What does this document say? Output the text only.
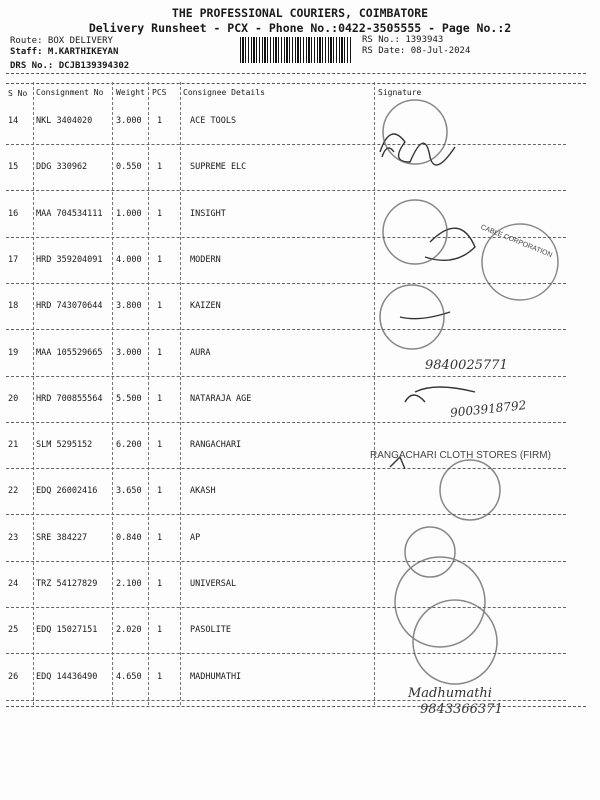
THE PROFESSIONAL COURIERS, COIMBATORE
Delivery Runsheet - PCX - Phone No.:0422-3505555 - Page No.:2
Route: BOX DELIVERY
Staff: M.KARTHIKEYAN
DRS No.: DCJB139394302
RS No.: 1393943
RS Date: 08-Jul-2024
S No Consignment No Weight PCS Consignee Details	Signature
14 NKL 3404020	3.000 1	ACE TOOLS
15 DDG 330962	0.550 1	SUPREME ELC
16 MAA 704534111 1.000 1	INSIGHT
17 HRD 359204091 4.000 1	MODERN
18 HRD 743070644 3.800 1	KAIZEN
19 MAA 105529665 3.000 1	AURA
20 HRD 700855564 5.500 1	NATARAJA AGE
21 SLM 5295152	6.200 1	RANGACHARI
22 EDQ 26002416 3.650 1	AKASH
23 SRE 384227	0.840 1	AP
24 TRZ 54127829 2.100 1	UNIVERSAL
25 EDQ 15027151 2.020 1	PASOLITE
26 EDQ 14436490 4.650 1	MADHUMATHI
9840025771
9003918792
RANGACHARI CLOTH STORES (FIRM)
CABLE CORPORATION
Madhumathi
9843366371
